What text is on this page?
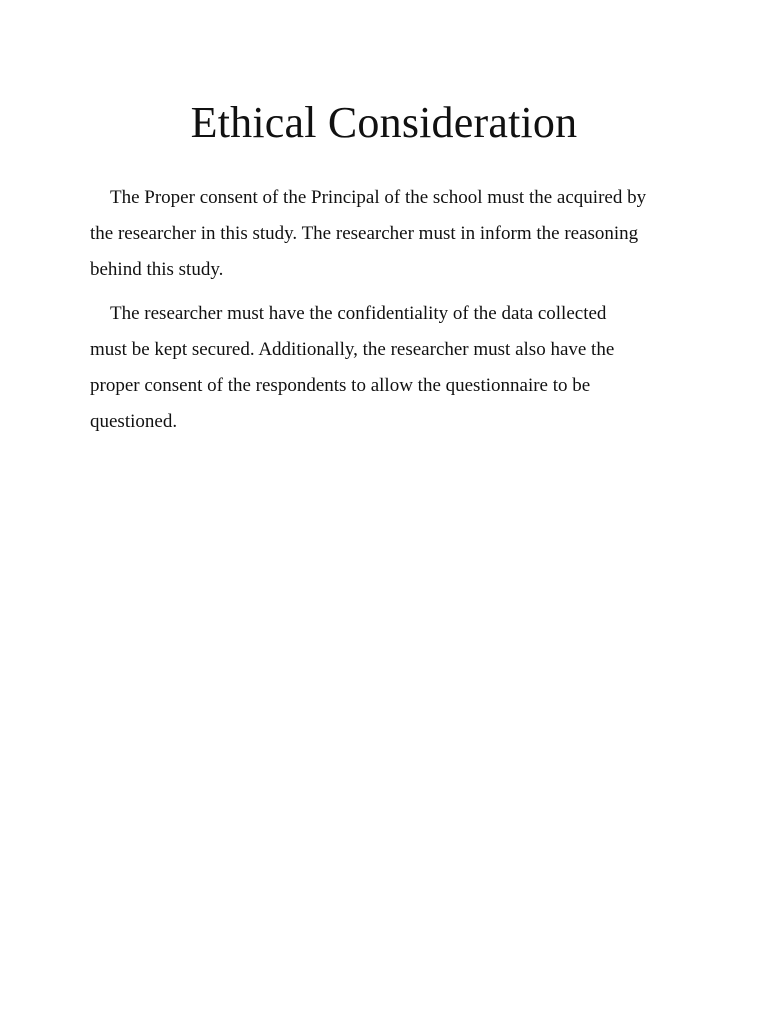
Ethical Consideration
The Proper consent of the Principal of the school must the acquired by
the researcher in this study. The researcher must in inform the reasoning
behind this study.
The researcher must have the confidentiality of the data collected
must be kept secured. Additionally, the researcher must also have the
proper consent of the respondents to allow the questionnaire to be
questioned.
